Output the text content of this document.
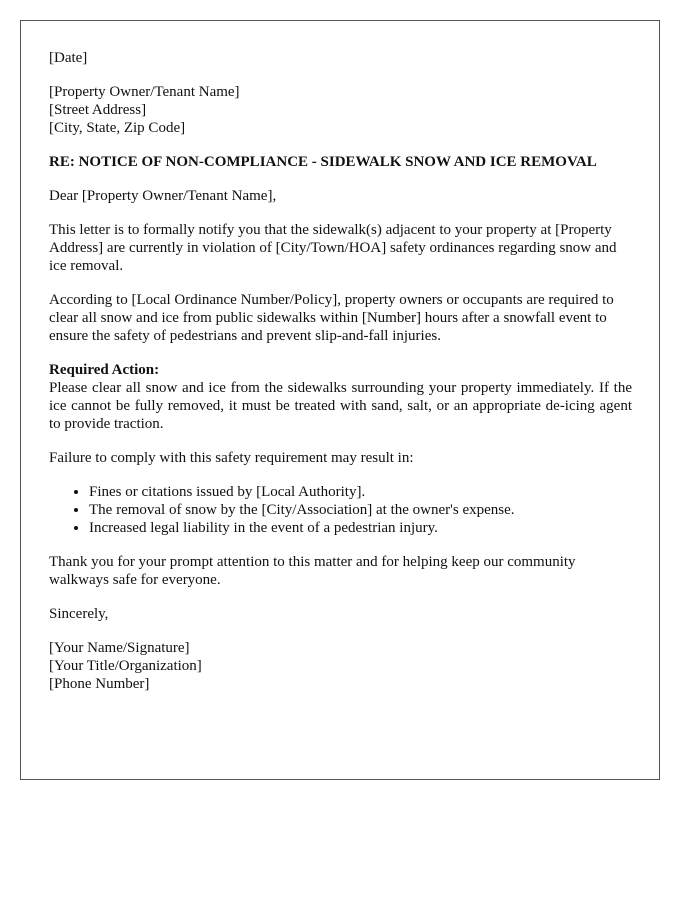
[Date]
[Property Owner/Tenant Name]
[Street Address]
[City, State, Zip Code]
RE: NOTICE OF NON-COMPLIANCE - SIDEWALK SNOW AND ICE REMOVAL
Dear [Property Owner/Tenant Name],
This letter is to formally notify you that the sidewalk(s) adjacent to your property at [Property Address] are currently in violation of [City/Town/HOA] safety ordinances regarding snow and ice removal.
According to [Local Ordinance Number/Policy], property owners or occupants are required to clear all snow and ice from public sidewalks within [Number] hours after a snowfall event to ensure the safety of pedestrians and prevent slip-and-fall injuries.
Required Action:
Please clear all snow and ice from the sidewalks surrounding your property immediately. If the ice cannot be fully removed, it must be treated with sand, salt, or an appropriate de-icing agent to provide traction.
Failure to comply with this safety requirement may result in:
• Fines or citations issued by [Local Authority].
• The removal of snow by the [City/Association] at the owner's expense.
• Increased legal liability in the event of a pedestrian injury.
Thank you for your prompt attention to this matter and for helping keep our community walkways safe for everyone.
Sincerely,
[Your Name/Signature]
[Your Title/Organization]
[Phone Number]
